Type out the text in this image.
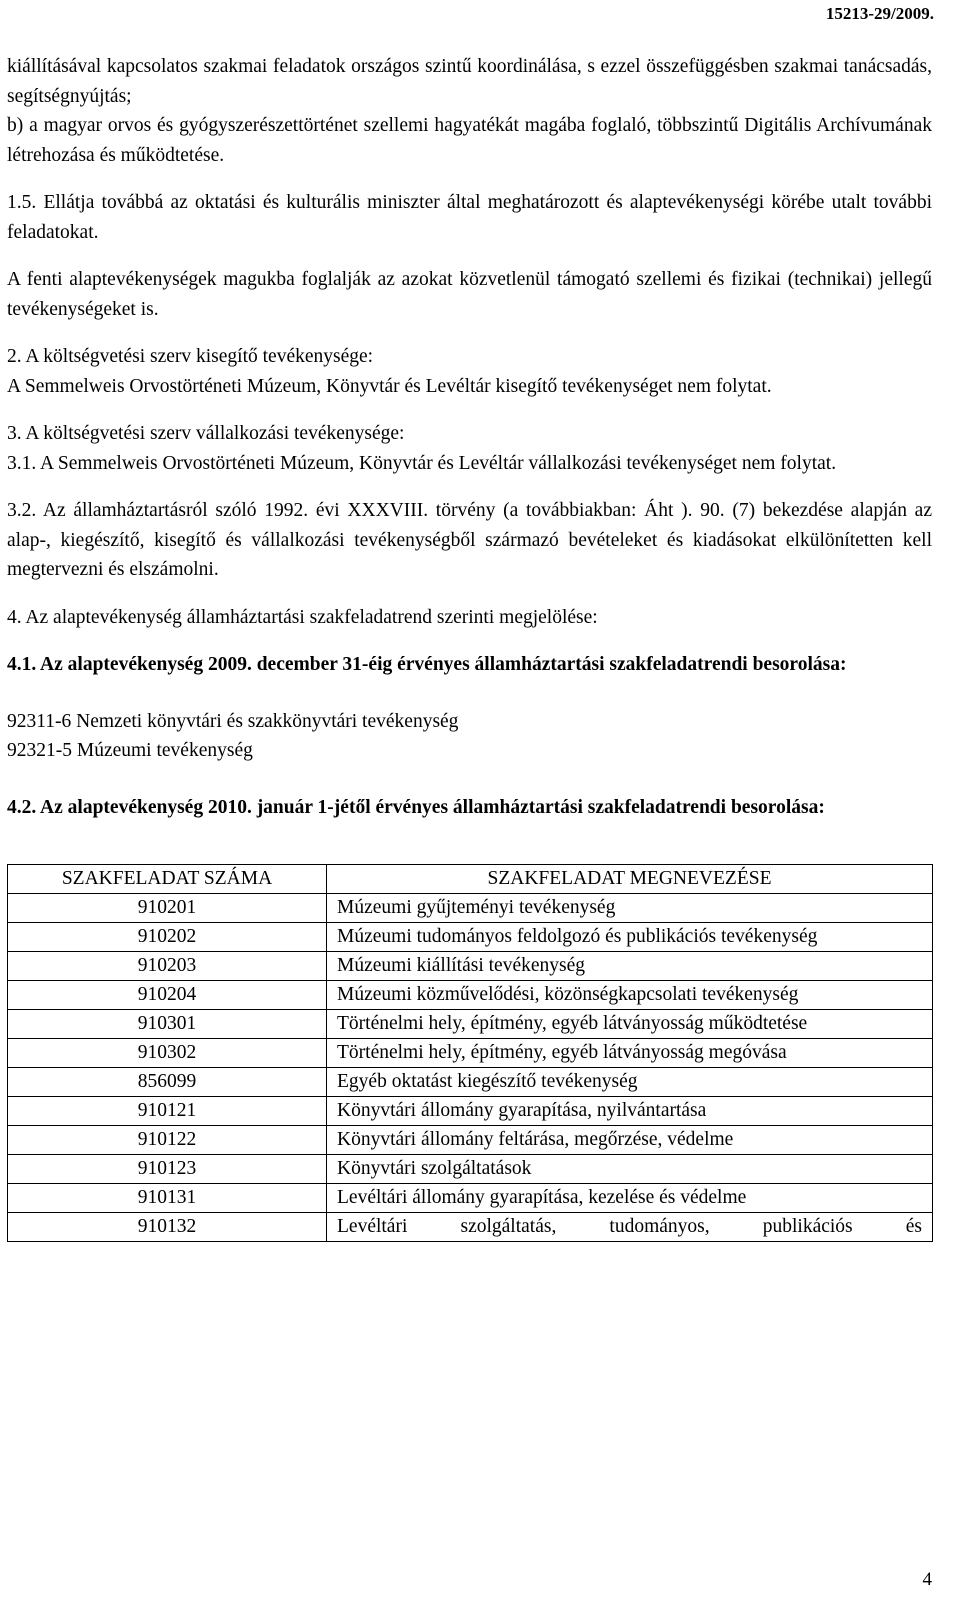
15213-29/2009.

kiállításával kapcsolatos szakmai feladatok országos szintű koordinálása, s ezzel összefüggésben szakmai tanácsadás, segítségnyújtás;

b) a magyar orvos és gyógyszerészettörténet szellemi hagyatékát magába foglaló, többszintű Digitális Archívumának létrehozása és működtetése.

1.5. Ellátja továbbá az oktatási és kulturális miniszter által meghatározott és alaptevékenységi körébe utalt további feladatokat.

A fenti alaptevékenységek magukba foglalják az azokat közvetlenül támogató szellemi és fizikai (technikai) jellegű tevékenységeket is.

2. A költségvetési szerv kisegítő tevékenysége:

A Semmelweis Orvostörténeti Múzeum, Könyvtár és Levéltár kisegítő tevékenységet nem folytat.

3. A költségvetési szerv vállalkozási tevékenysége:

3.1. A Semmelweis Orvostörténeti Múzeum, Könyvtár és Levéltár vállalkozási tevékenységet nem folytat.

3.2. Az államháztartásról szóló 1992. évi XXXVIII. törvény (a továbbiakban: Áht ). 90. (7) bekezdése alapján az alap-, kiegészítő, kisegítő és vállalkozási tevékenységből származó bevételeket és kiadásokat elkülönítetten kell megtervezni és elszámolni.

4. Az alaptevékenység államháztartási szakfeladatrend szerinti megjelölése:

4.1. Az alaptevékenység 2009. december 31-éig érvényes államháztartási szakfeladatrendi besorolása:

92311-6 Nemzeti könyvtári és szakkönyvtári tevékenység

92321-5 Múzeumi tevékenység

4.2. Az alaptevékenység 2010. január 1-jétől érvényes államháztartási szakfeladatrendi besorolása:

SZAKFELADAT SZÁMA	SZAKFELADAT MEGNEVEZÉSE
910201	Múzeumi gyűjteményi tevékenység
910202	Múzeumi tudományos feldolgozó és publikációs tevékenység
910203	Múzeumi kiállítási tevékenység
910204	Múzeumi közművelődési, közönségkapcsolati tevékenység
910301	Történelmi hely, építmény, egyéb látványosság működtetése
910302	Történelmi hely, építmény, egyéb látványosság megóvása
856099	Egyéb oktatást kiegészítő tevékenység
910121	Könyvtári állomány gyarapítása, nyilvántartása
910122	Könyvtári állomány feltárása, megőrzése, védelme
910123	Könyvtári szolgáltatások
910131	Levéltári állomány gyarapítása, kezelése és védelme
910132	Levéltári szolgáltatás, tudományos, publikációs és
4
